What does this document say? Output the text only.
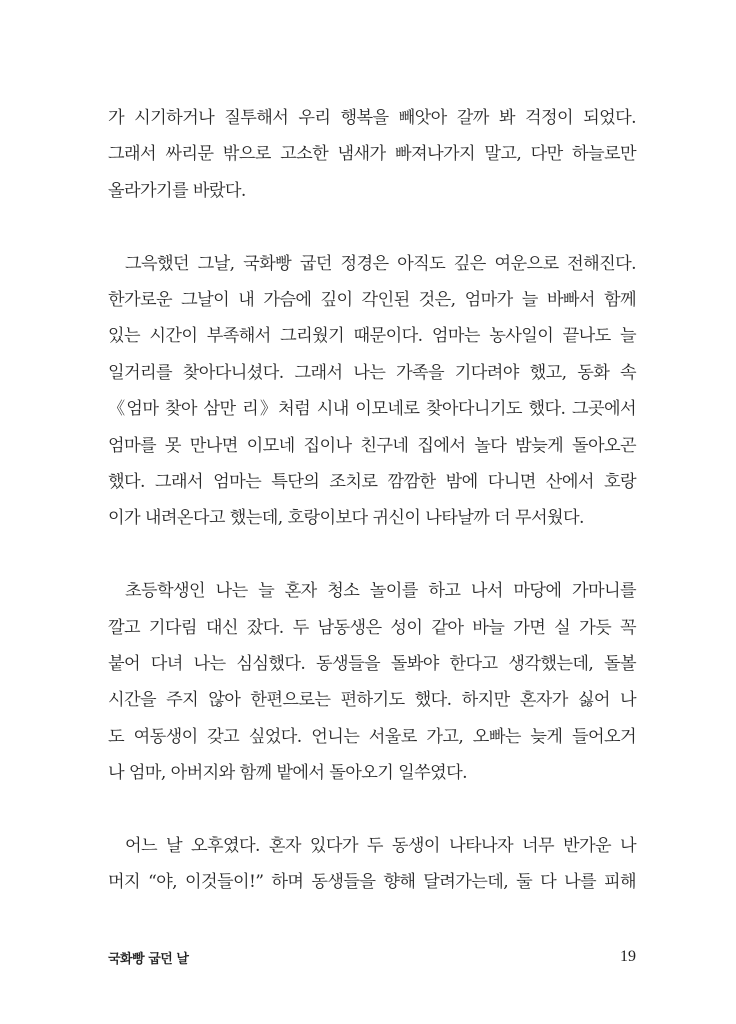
가 시기하거나 질투해서 우리 행복을 빼앗아 갈까 봐 걱정이 되었다.
그래서 싸리문 밖으로 고소한 냄새가 빠져나가지 말고, 다만 하늘로만
올라가기를 바랐다.

그윽했던 그날, 국화빵 굽던 정경은 아직도 깊은 여운으로 전해진다.
한가로운 그날이 내 가슴에 깊이 각인된 것은, 엄마가 늘 바빠서 함께
있는 시간이 부족해서 그리웠기 때문이다. 엄마는 농사일이 끝나도 늘
일거리를 찾아다니셨다. 그래서 나는 가족을 기다려야 했고, 동화 속
《엄마 찾아 삼만 리》처럼 시내 이모네로 찾아다니기도 했다. 그곳에서
엄마를 못 만나면 이모네 집이나 친구네 집에서 놀다 밤늦게 돌아오곤
했다. 그래서 엄마는 특단의 조치로 깜깜한 밤에 다니면 산에서 호랑
이가 내려온다고 했는데, 호랑이보다 귀신이 나타날까 더 무서웠다.

초등학생인 나는 늘 혼자 청소 놀이를 하고 나서 마당에 가마니를
깔고 기다림 대신 잤다. 두 남동생은 성이 같아 바늘 가면 실 가듯 꼭
붙어 다녀 나는 심심했다. 동생들을 돌봐야 한다고 생각했는데, 돌볼
시간을 주지 않아 한편으로는 편하기도 했다. 하지만 혼자가 싫어 나
도 여동생이 갖고 싶었다. 언니는 서울로 가고, 오빠는 늦게 들어오거
나 엄마, 아버지와 함께 밭에서 돌아오기 일쑤였다.

어느 날 오후였다. 혼자 있다가 두 동생이 나타나자 너무 반가운 나
머지 “야, 이것들이!” 하며 동생들을 향해 달려가는데, 둘 다 나를 피해

국화빵 굽던 날	19
